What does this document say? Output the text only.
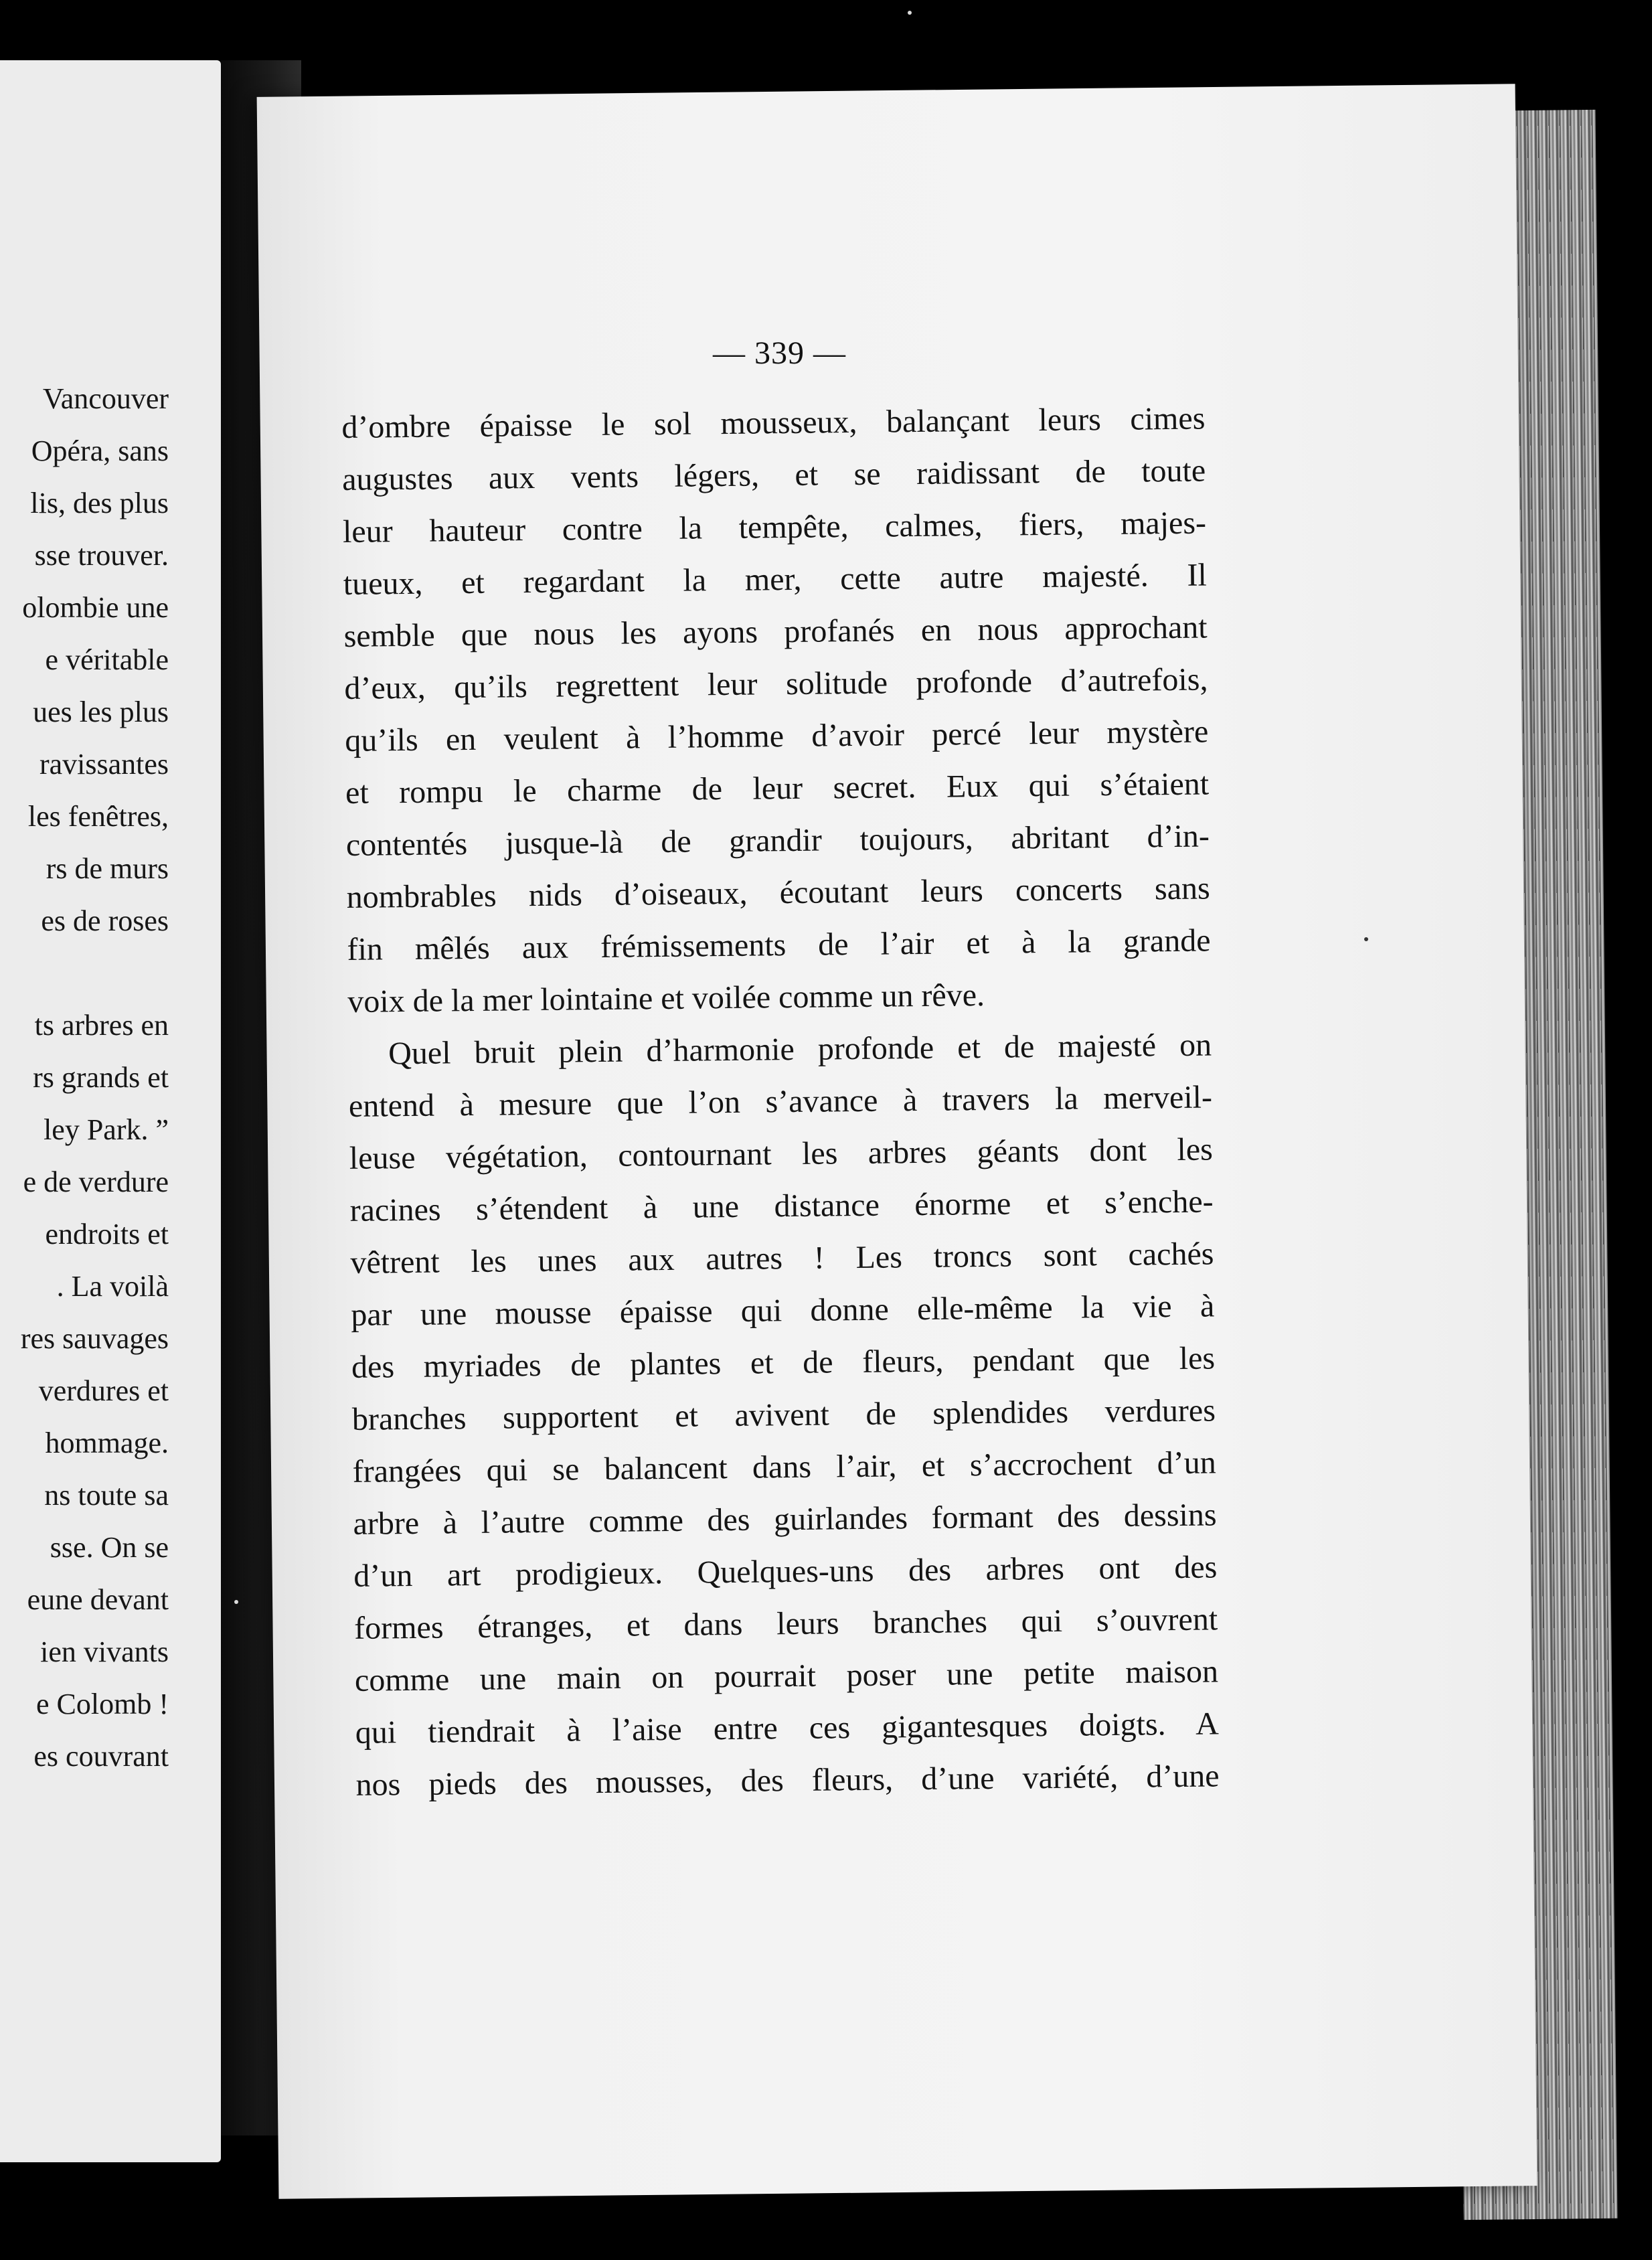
Vancouver
Opéra, sans
lis, des plus
sse trouver.
olombie une
e véritable
ues les plus
ravissantes
les fenêtres,
rs de murs
es de roses
ts arbres en
rs grands et
ley Park. ”
e de verdure
endroits et
. La voilà
res sauvages
verdures et
hommage.
ns toute sa
sse. On se
eune devant
ien vivants
e Colomb !
es couvrant
— 339 —
d’ombre épaisse le sol mousseux, balançant leurs cimes
augustes aux vents légers, et se raidissant de toute
leur hauteur contre la tempête, calmes, fiers, majes-
tueux, et regardant la mer, cette autre majesté. Il
semble que nous les ayons profanés en nous approchant
d’eux, qu’ils regrettent leur solitude profonde d’autrefois,
qu’ils en veulent à l’homme d’avoir percé leur mystère
et rompu le charme de leur secret. Eux qui s’étaient
contentés jusque-là de grandir toujours, abritant d’in-
nombrables nids d’oiseaux, écoutant leurs concerts sans
fin mêlés aux frémissements de l’air et à la grande
voix de la mer lointaine et voilée comme un rêve.
Quel bruit plein d’harmonie profonde et de majesté on
entend à mesure que l’on s’avance à travers la merveil-
leuse végétation, contournant les arbres géants dont les
racines s’étendent à une distance énorme et s’enche-
vêtrent les unes aux autres ! Les troncs sont cachés
par une mousse épaisse qui donne elle-même la vie à
des myriades de plantes et de fleurs, pendant que les
branches supportent et avivent de splendides verdures
frangées qui se balancent dans l’air, et s’accrochent d’un
arbre à l’autre comme des guirlandes formant des dessins
d’un art prodigieux. Quelques-uns des arbres ont des
formes étranges, et dans leurs branches qui s’ouvrent
comme une main on pourrait poser une petite maison
qui tiendrait à l’aise entre ces gigantesques doigts. A
nos pieds des mousses, des fleurs, d’une variété, d’une
